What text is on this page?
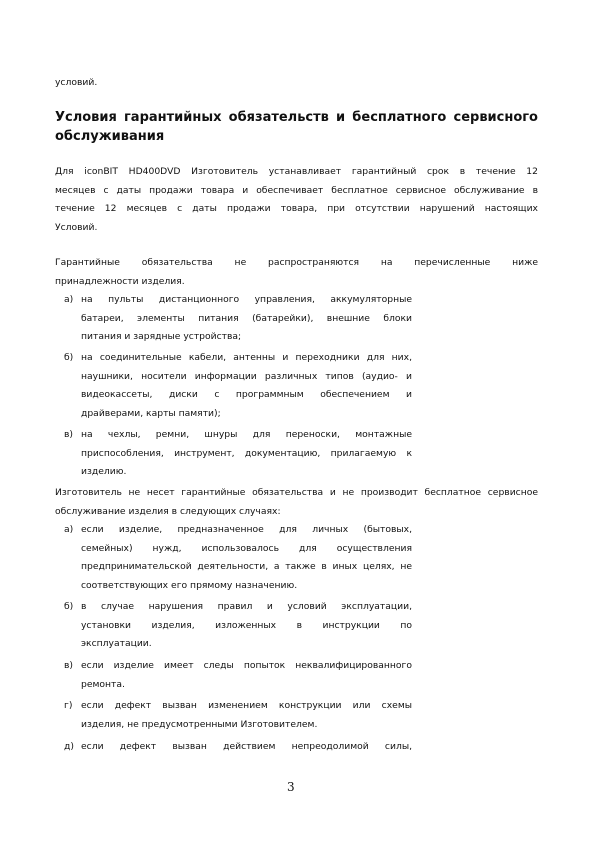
условий.
Условия гарантийных обязательств и бесплатного сервисного
обслуживания
Для iconBIT HD400DVD Изготовитель устанавливает гарантийный срок в течение 12
месяцев с даты продажи товара и обеспечивает бесплатное сервисное обслуживание в
течение 12 месяцев с даты продажи товара, при отсутствии нарушений настоящих
Условий.
Гарантийные обязательства не распространяются на перечисленные ниже
принадлежности изделия.
а) на пульты дистанционного управления, аккумуляторные
батареи, элементы питания (батарейки), внешние блоки
питания и зарядные устройства;
б) на соединительные кабели, антенны и переходники для них,
наушники, носители информации различных типов (аудио- и
видеокассеты, диски с программным обеспечением и
драйверами, карты памяти);
в) на чехлы, ремни, шнуры для переноски, монтажные
приспособления, инструмент, документацию, прилагаемую к
изделию.
Изготовитель не несет гарантийные обязательства и не производит бесплатное сервисное
обслуживание изделия в следующих случаях:
а) если изделие, предназначенное для личных (бытовых,
семейных) нужд, использовалось для осуществления
предпринимательской деятельности, а также в иных целях, не
соответствующих его прямому назначению.
б) в случае нарушения правил и условий эксплуатации,
установки изделия, изложенных в инструкции по
эксплуатации.
в) если изделие имеет следы попыток неквалифицированного
ремонта.
г) если дефект вызван изменением конструкции или схемы
изделия, не предусмотренными Изготовителем.
д) если дефект вызван действием непреодолимой силы,
3
